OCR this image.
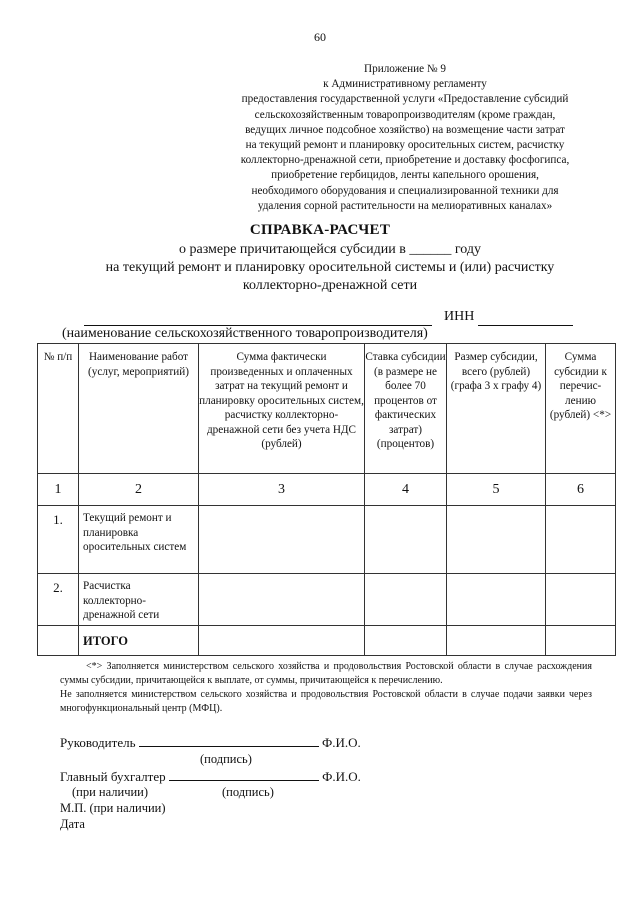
60
Приложение № 9
к Административному регламенту
предоставления государственной услуги «Предоставление субсидий
сельскохозяйственным товаропроизводителям (кроме граждан,
ведущих личное подсобное хозяйство) на возмещение части затрат
на текущий ремонт и планировку оросительных систем, расчистку
коллекторно-дренажной сети, приобретение и доставку фосфогипса,
приобретение гербицидов, ленты капельного орошения,
необходимого оборудования и специализированной техники для
удаления сорной растительности на мелиоративных каналах»
СПРАВКА-РАСЧЕТ
о размере причитающейся субсидии в ______ году
на текущий ремонт и планировку оросительной системы и (или) расчистку
коллекторно-дренажной сети
ИНН
(наименование сельскохозяйственного товаропроизводителя)
№ п/п	Наименование работ (услуг, мероприятий)	Сумма фактически произведенных и оплаченных затрат на текущий ремонт и планировку оросительных систем, расчистку коллекторно-дренажной сети без учета НДС (рублей)	Ставка субсидии (в размере не более 70 процентов от фактических затрат) (процентов)	Размер субсидии, всего (рублей) (графа 3 х графу 4)	Сумма субсидии к перечис-лению (рублей) <*>
1	2	3	4	5	6
1.	Текущий ремонт и планировка оросительных систем				
2.	Расчистка коллекторно-дренажной сети				
	ИТОГО				

<*> Заполняется министерством сельского хозяйства и продовольствия Ростовской области в случае расхождения суммы субсидии, причитающейся к выплате, от суммы, причитающейся к перечислению.

Не заполняется министерством сельского хозяйства и продовольствия Ростовской области в случае подачи заявки через многофункциональный центр (МФЦ).

Руководитель	Ф.И.О.
(подпись)
Главный бухгалтер	Ф.И.О.
(при наличии)	(подпись)
М.П. (при наличии)
Дата
